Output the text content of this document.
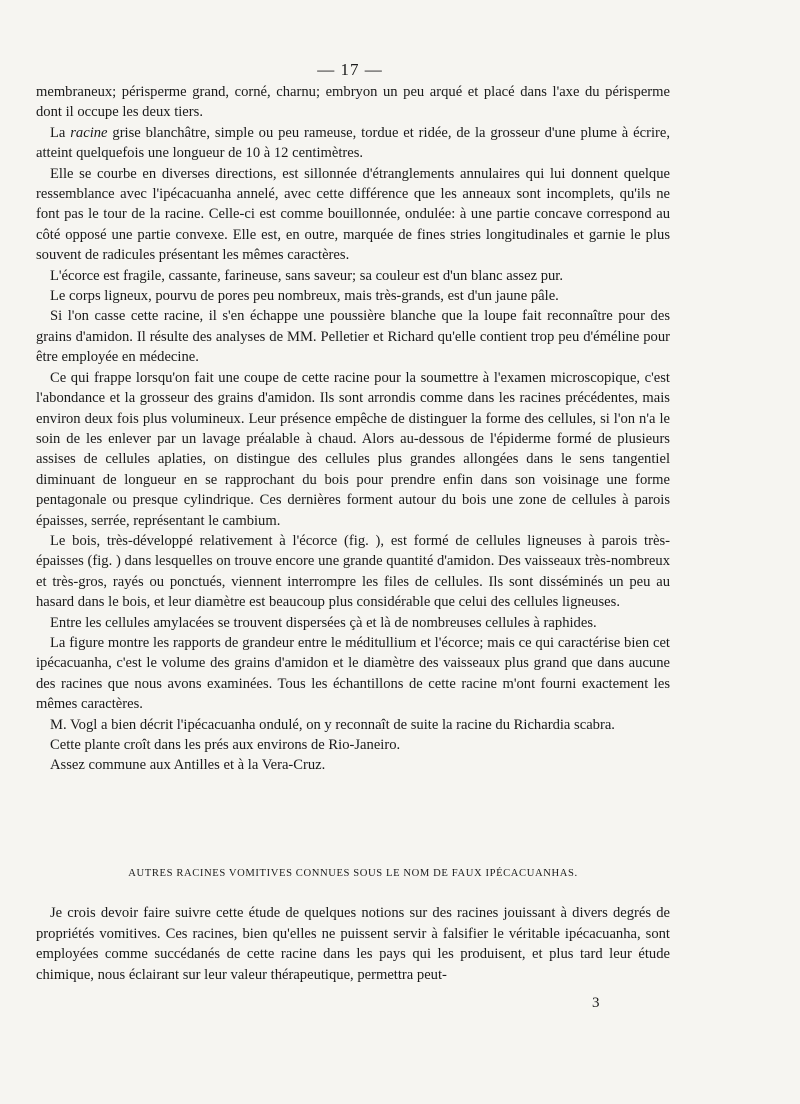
— 17 —

membraneux; périsperme grand, corné, charnu; embryon un peu arqué et placé dans l'axe du périsperme dont il occupe les deux tiers.

La racine grise blanchâtre, simple ou peu rameuse, tordue et ridée, de la grosseur d'une plume à écrire, atteint quelquefois une longueur de 10 à 12 centimètres.

Elle se courbe en diverses directions, est sillonnée d'étranglements annulaires qui lui donnent quelque ressemblance avec l'ipécacuanha annelé, avec cette différence que les anneaux sont incomplets, qu'ils ne font pas le tour de la racine. Celle-ci est comme bouillonnée, ondulée: à une partie concave correspond au côté opposé une partie convexe. Elle est, en outre, marquée de fines stries longitudinales et garnie le plus souvent de radicules présentant les mêmes caractères.

L'écorce est fragile, cassante, farineuse, sans saveur; sa couleur est d'un blanc assez pur.

Le corps ligneux, pourvu de pores peu nombreux, mais très-grands, est d'un jaune pâle.

Si l'on casse cette racine, il s'en échappe une poussière blanche que la loupe fait reconnaître pour des grains d'amidon. Il résulte des analyses de MM. Pelletier et Richard qu'elle contient trop peu d'éméline pour être employée en médecine.

Ce qui frappe lorsqu'on fait une coupe de cette racine pour la soumettre à l'examen microscopique, c'est l'abondance et la grosseur des grains d'amidon. Ils sont arrondis comme dans les racines précédentes, mais environ deux fois plus volumineux. Leur présence empêche de distinguer la forme des cellules, si l'on n'a le soin de les enlever par un lavage préalable à chaud. Alors au-dessous de l'épiderme formé de plusieurs assises de cellules aplaties, on distingue des cellules plus grandes allongées dans le sens tangentiel diminuant de longueur en se rapprochant du bois pour prendre enfin dans son voisinage une forme pentagonale ou presque cylindrique. Ces dernières forment autour du bois une zone de cellules à parois épaisses, serrée, représentant le cambium.

Le bois, très-développé relativement à l'écorce (fig. ), est formé de cellules ligneuses à parois très-épaisses (fig. ) dans lesquelles on trouve encore une grande quantité d'amidon. Des vaisseaux très-nombreux et très-gros, rayés ou ponctués, viennent interrompre les files de cellules. Ils sont disséminés un peu au hasard dans le bois, et leur diamètre est beaucoup plus considérable que celui des cellules ligneuses.

Entre les cellules amylacées se trouvent dispersées çà et là de nombreuses cellules à raphides.

La figure montre les rapports de grandeur entre le méditullium et l'écorce; mais ce qui caractérise bien cet ipécacuanha, c'est le volume des grains d'amidon et le diamètre des vaisseaux plus grand que dans aucune des racines que nous avons examinées. Tous les échantillons de cette racine m'ont fourni exactement les mêmes caractères.

M. Vogl a bien décrit l'ipécacuanha ondulé, on y reconnaît de suite la racine du Richardia scabra.

Cette plante croît dans les prés aux environs de Rio-Janeiro.

Assez commune aux Antilles et à la Vera-Cruz.

AUTRES RACINES VOMITIVES CONNUES SOUS LE NOM DE FAUX IPÉCACUANHAS.

Je crois devoir faire suivre cette étude de quelques notions sur des racines jouissant à divers degrés de propriétés vomitives. Ces racines, bien qu'elles ne puissent servir à falsifier le véritable ipécacuanha, sont employées comme succédanés de cette racine dans les pays qui les produisent, et plus tard leur étude chimique, nous éclairant sur leur valeur thérapeutique, permettra peut-

3
